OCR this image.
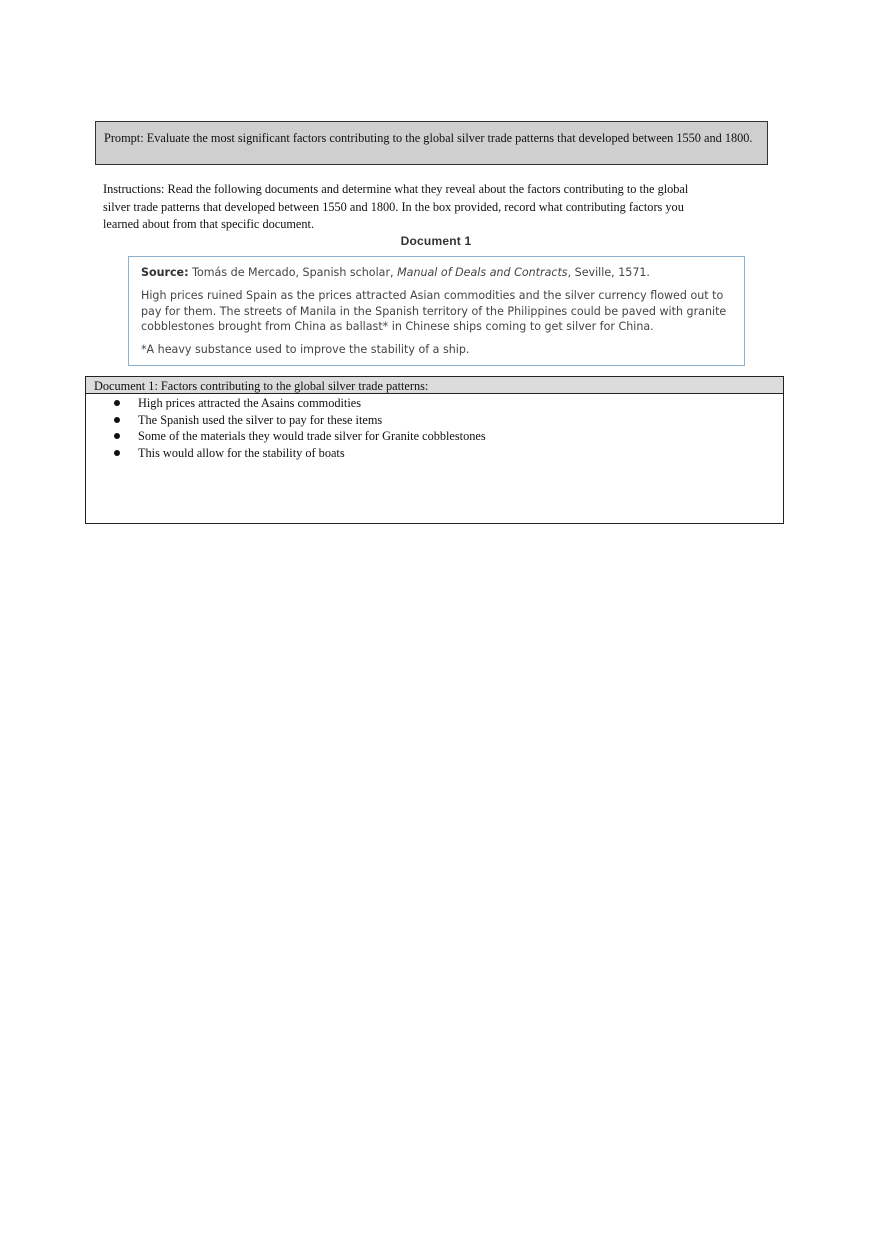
Prompt: Evaluate the most significant factors contributing to the global silver trade patterns that developed between 1550 and 1800.

Instructions: Read the following documents and determine what they reveal about the factors contributing to the global silver trade patterns that developed between 1550 and 1800. In the box provided, record what contributing factors you learned about from that specific document.

Document 1

Source: Tomás de Mercado, Spanish scholar, Manual of Deals and Contracts, Seville, 1571.

High prices ruined Spain as the prices attracted Asian commodities and the silver currency flowed out to pay for them. The streets of Manila in the Spanish territory of the Philippines could be paved with granite cobblestones brought from China as ballast* in Chinese ships coming to get silver for China.

*A heavy substance used to improve the stability of a ship.

Document 1: Factors contributing to the global silver trade patterns:
High prices attracted the Asains commodities
The Spanish used the silver to pay for these items
Some of the materials they would trade silver for Granite cobblestones
This would allow for the stability of boats
